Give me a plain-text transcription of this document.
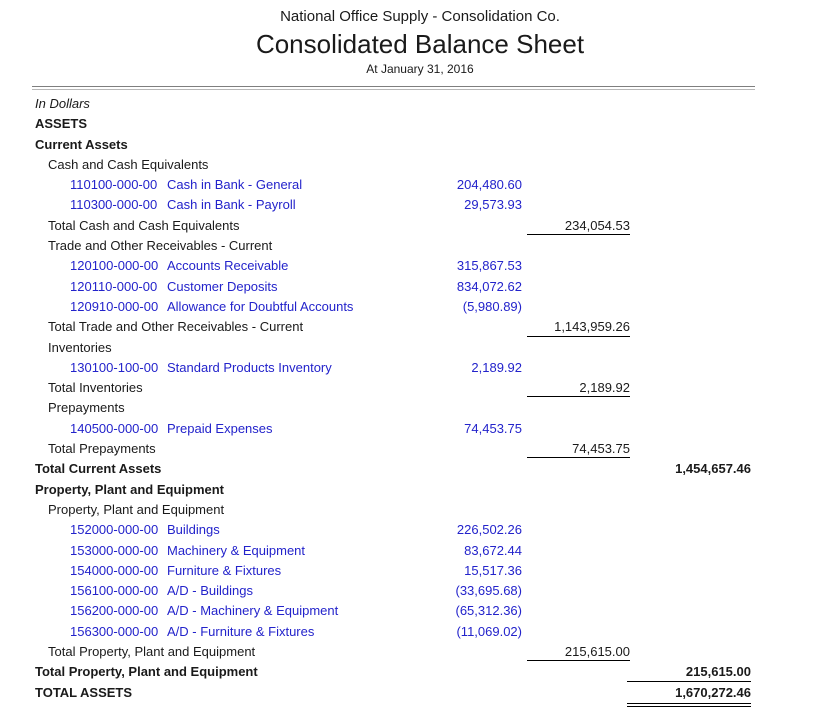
National Office Supply - Consolidation Co.
Consolidated Balance Sheet
At January 31, 2016
In Dollars
ASSETS
Current Assets
Cash and Cash Equivalents
110100-000-00 Cash in Bank - General	204,480.60
110300-000-00 Cash in Bank - Payroll	29,573.93
Total Cash and Cash Equivalents	234,054.53
Trade and Other Receivables - Current
120100-000-00 Accounts Receivable	315,867.53
120110-000-00 Customer Deposits	834,072.62
120910-000-00 Allowance for Doubtful Accounts	(5,980.89)
Total Trade and Other Receivables - Current	1,143,959.26
Inventories
130100-100-00 Standard Products Inventory	2,189.92
Total Inventories	2,189.92
Prepayments
140500-000-00 Prepaid Expenses	74,453.75
Total Prepayments	74,453.75
Total Current Assets	1,454,657.46
Property, Plant and Equipment
Property, Plant and Equipment
152000-000-00 Buildings	226,502.26
153000-000-00 Machinery & Equipment	83,672.44
154000-000-00 Furniture & Fixtures	15,517.36
156100-000-00 A/D - Buildings	(33,695.68)
156200-000-00 A/D - Machinery & Equipment	(65,312.36)
156300-000-00 A/D - Furniture & Fixtures	(11,069.02)
Total Property, Plant and Equipment	215,615.00
Total Property, Plant and Equipment	215,615.00
TOTAL ASSETS	1,670,272.46
